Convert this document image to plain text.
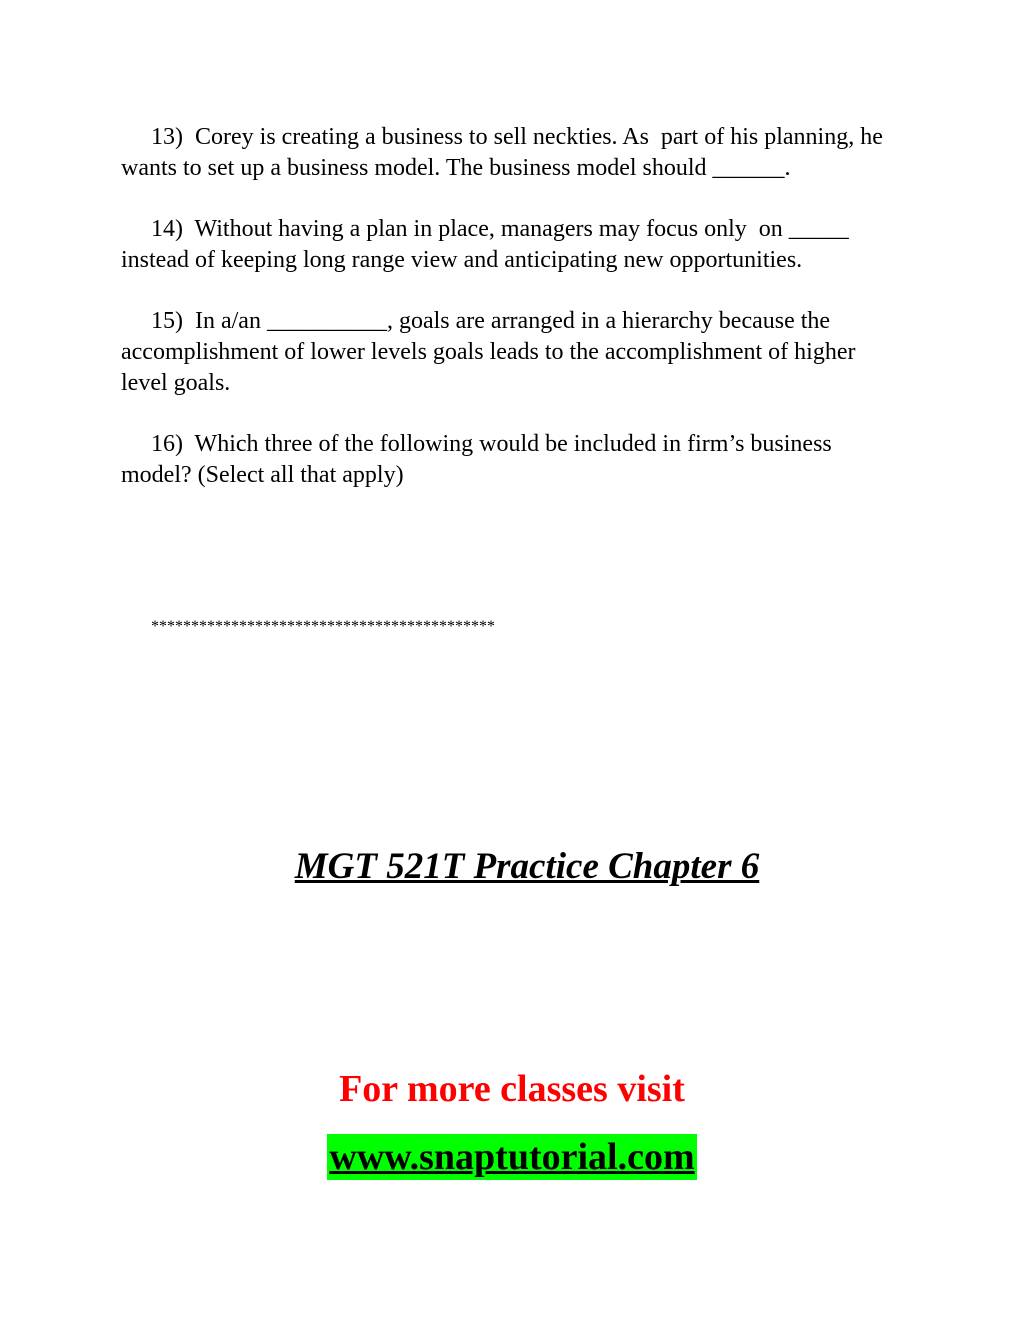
13)  Corey is creating a business to sell neckties. As  part of his planning, he wants to set up a business model. The business model should ______.

14)  Without having a plan in place, managers may focus only  on _____ instead of keeping long range view and anticipating new opportunities.

15)  In a/an __________, goals are arranged in a hierarchy because the accomplishment of lower levels goals leads to the accomplishment of higher level goals.

16)  Which three of the following would be included in firm’s business model? (Select all that apply)

*******************************************
MGT 521T Practice Chapter 6
For more classes visit
www.snaptutorial.com
